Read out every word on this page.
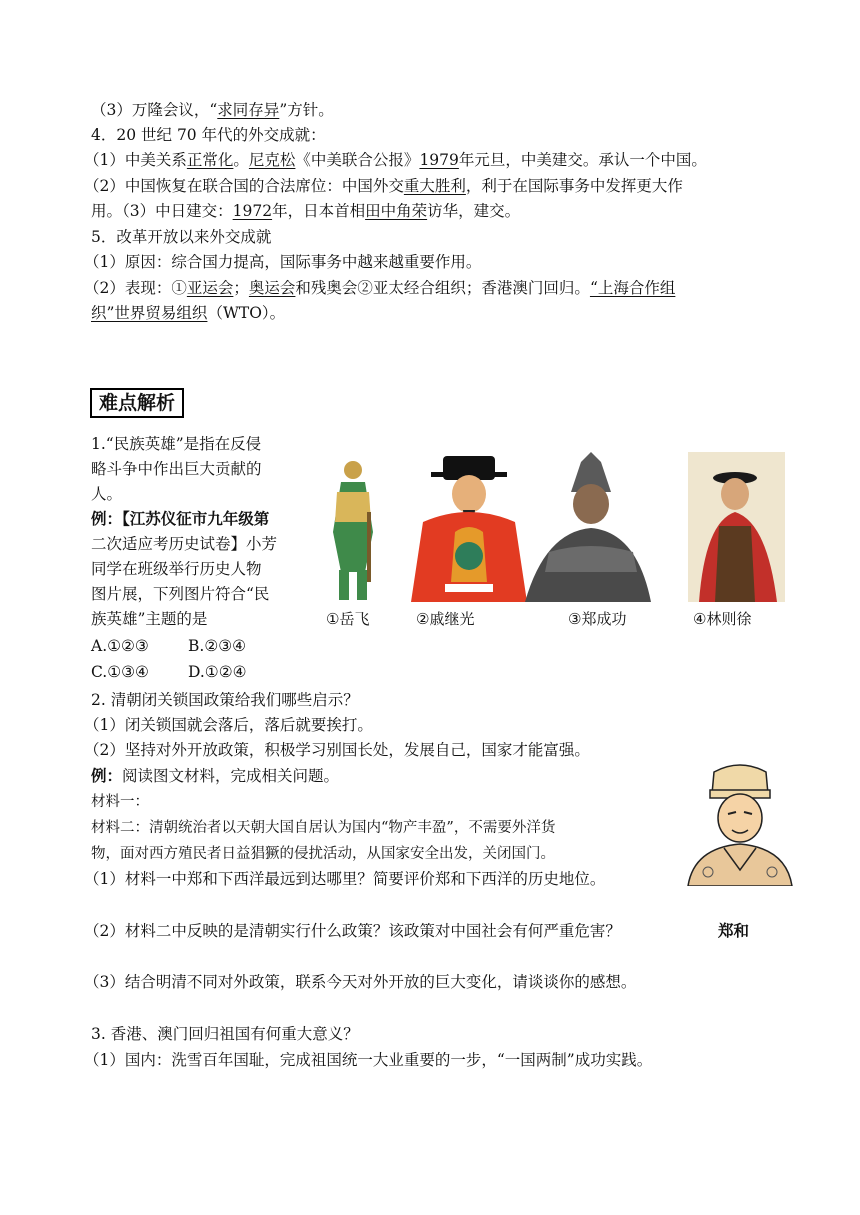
（3）万隆会议，“求同存异”方针。
4．20 世纪 70 年代的外交成就：
（1）中美关系正常化。尼克松《中美联合公报》1979年元旦，中美建交。承认一个中国。
（2）中国恢复在联合国的合法席位：中国外交重大胜利，利于在国际事务中发挥更大作
用。（3）中日建交：1972年，日本首相田中角荣访华，建交。
5．改革开放以来外交成就
（1）原因：综合国力提高，国际事务中越来越重要作用。
（2）表现：①亚运会；奥运会和残奥会②亚太经合组织；香港澳门回归。“上海合作组
织”世界贸易组织（WTO）。
难点解析
1.“民族英雄”是指在反侵
略斗争中作出巨大贡献的
人。
例：【江苏仪征市九年级第
二次适应考历史试卷】小芳
同学在班级举行历史人物
图片展，下列图片符合“民
族英雄”主题的是
A.①②③	B.②③④
C.①③④	D.①②④
①岳飞	②戚继光	③郑成功	④林则徐
2. 清朝闭关锁国政策给我们哪些启示？
（1）闭关锁国就会落后，落后就要挨打。
（2）坚持对外开放政策，积极学习别国长处，发展自己，国家才能富强。
例：阅读图文材料，完成相关问题。
材料一：
材料二：清朝统治者以天朝大国自居认为国内“物产丰盈”，不需要外洋货
物，面对西方殖民者日益猖獗的侵扰活动，从国家安全出发，关闭国门。
（1）材料一中郑和下西洋最远到达哪里？简要评价郑和下西洋的历史地位。
（2）材料二中反映的是清朝实行什么政策？该政策对中国社会有何严重危害？	郑和
（3）结合明清不同对外政策，联系今天对外开放的巨大变化，请谈谈你的感想。
3. 香港、澳门回归祖国有何重大意义？
（1）国内：洗雪百年国耻，完成祖国统一大业重要的一步，“一国两制”成功实践。
